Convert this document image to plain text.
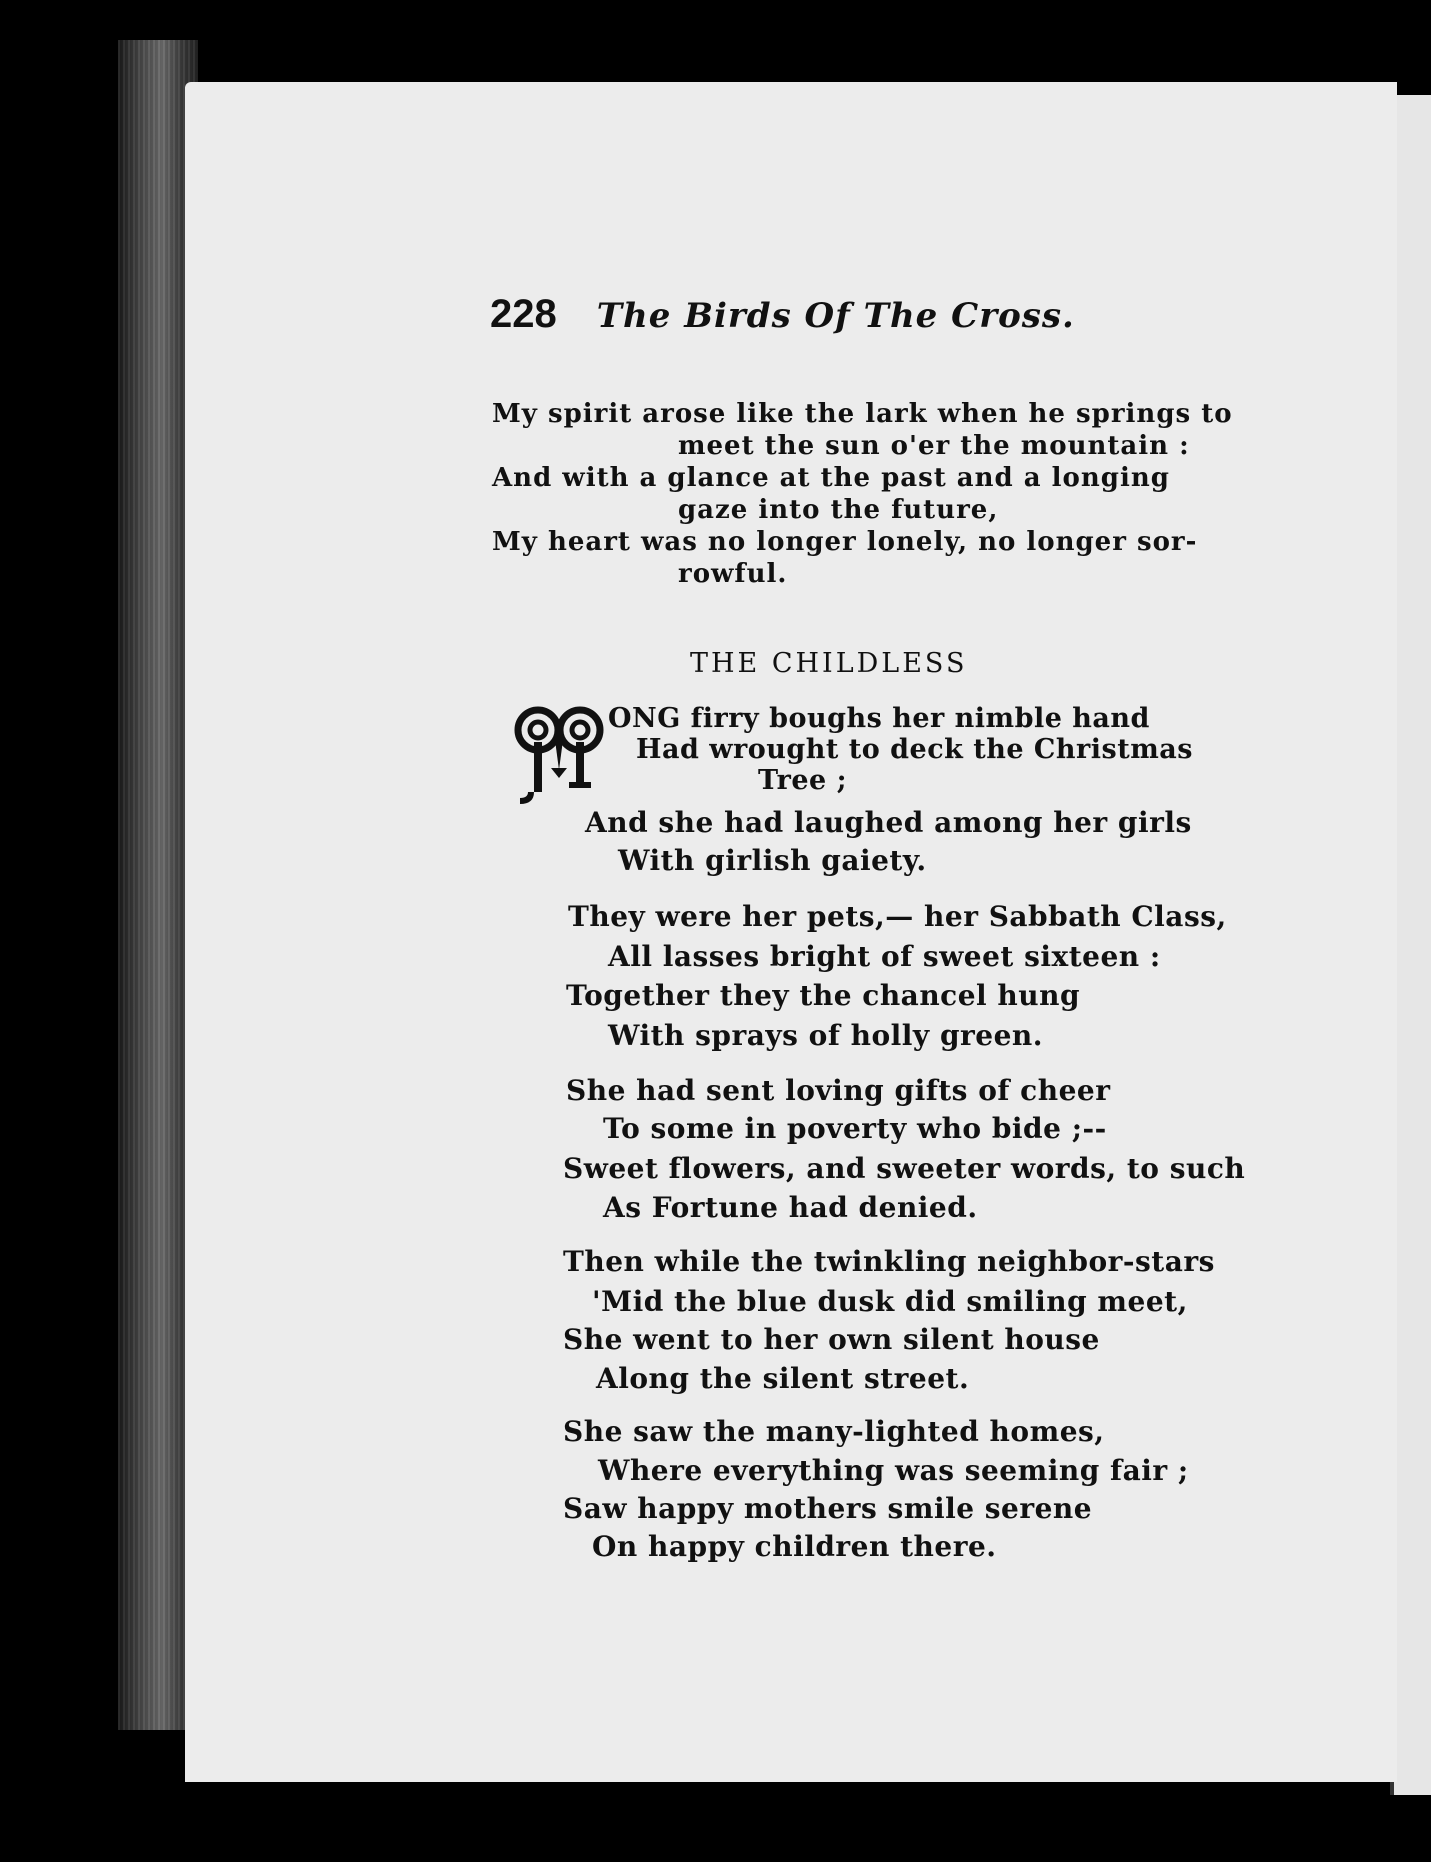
228 The Birds Of The Cross.
My spirit arose like the lark when he springs to
meet the sun o'er the mountain :
And with a glance at the past and a longing
gaze into the future,
My heart was no longer lonely, no longer sor-
rowful.
THE CHILDLESS
ONG firry boughs her nimble hand
Had wrought to deck the Christmas
Tree ;
And she had laughed among her girls
With girlish gaiety.
They were her pets,— her Sabbath Class,
All lasses bright of sweet sixteen :
Together they the chancel hung
With sprays of holly green.
She had sent loving gifts of cheer
To some in poverty who bide ;--
Sweet flowers, and sweeter words, to such
As Fortune had denied.
Then while the twinkling neighbor-stars
'Mid the blue dusk did smiling meet,
She went to her own silent house
Along the silent street.
She saw the many-lighted homes,
Where everything was seeming fair ;
Saw happy mothers smile serene
On happy children there.
